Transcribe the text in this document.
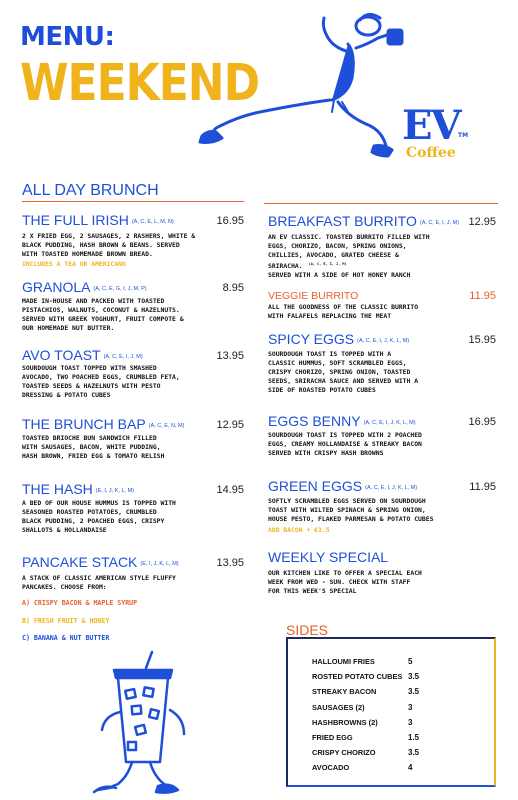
MENU:
WEEKEND
EV
TM
Coffee
ALL DAY BRUNCH
THE FULL IRISH (A, C, E, L, M, N)	16.95
2 X FRIED EGG, 2 SAUSAGES, 2 RASHERS, WHITE &
BLACK PUDDING, HASH BROWN & BEANS. SERVED
WITH TOASTED HOMEMADE BROWN BREAD.
INCLUDES A TEA OR AMERICANO
GRANOLA (A, C, E, G, I, J, M, P)	8.95
MADE IN-HOUSE AND PACKED WITH TOASTED
PISTACHIOS, WALNUTS, COCONUT & HAZELNUTS.
SERVED WITH GREEK YOGHURT, FRUIT COMPOTE &
OUR HOMEMADE NUT BUTTER.
AVO TOAST (A, C, E, I, J, M)	13.95
SOURDOUGH TOAST TOPPED WITH SMASHED
AVOCADO, TWO POACHED EGGS, CRUMBLED FETA,
TOASTED SEEDS & HAZELNUTS WITH PESTO
DRESSING & POTATO CUBES
THE BRUNCH BAP (A, C, E, N, M)	12.95
TOASTED BRIOCHE BUN SANDWICH FILLED
WITH SAUSAGES, BACON, WHITE PUDDING,
HASH BROWN, FRIED EGG & TOMATO RELISH
THE HASH (E, I, J, K, L, M)	14.95
A BED OF OUR HOUSE HUMMUS IS TOPPED WITH
SEASONED ROASTED POTATOES, CRUMBLED
BLACK PUDDING, 2 POACHED EGGS, CRISPY
SHALLOTS & HOLLANDAISE
PANCAKE STACK (E, I, J, K, L, M)	13.95
A STACK OF CLASSIC AMERICAN STYLE FLUFFY
PANCAKES. CHOOSE FROM:
A) CRISPY BACON & MAPLE SYRUP
B) FRESH FRUIT & HONEY
C) BANANA & NUT BUTTER
BREAKFAST BURRITO (A, C, E, I, J, M) 12.95
AN EV CLASSIC. TOASTED BURRITO FILLED WITH
EGGS, CHORIZO, BACON, SPRING ONIONS,
CHILLIES, AVOCADO, GRATED CHEESE &
SRIRACHA. $^{(A, C, E, I, J, M)}$
SERVED WITH A SIDE OF HOT HONEY RANCH
VEGGIE BURRITO	11.95
ALL THE GOODNESS OF THE CLASSIC BURRITO
WITH FALAFELS REPLACING THE MEAT
SPICY EGGS (A, C, E, I, J, K, L, M)	15.95
SOURDOUGH TOAST IS TOPPED WITH A
CLASSIC HUMMUS, SOFT SCRAMBLED EGGS,
CRISPY CHORIZO, SPRING ONION, TOASTED
SEEDS, SRIRACHA SAUCE AND SERVED WITH A
SIDE OF ROASTED POTATO CUBES
EGGS BENNY (A, C, E, I, J, K, L, M)	16.95
SOURDOUGH TOAST IS TOPPED WITH 2 POACHED
EGGS, CREAMY HOLLANDAISE & STREAKY BACON
SERVED WITH CRISPY HASH BROWNS
GREEN EGGS (A, C, E, I, J, K, L, M)	11.95
SOFTLY SCRAMBLED EGGS SERVED ON SOURDOUGH
TOAST WITH WILTED SPINACH & SPRING ONION,
HOUSE PESTO, FLAKED PARMESAN & POTATO CUBES
ADD BACON + €3.5
WEEKLY SPECIAL
OUR KITCHEN LIKE TO OFFER A SPECIAL EACH
WEEK FROM WED - SUN. CHECK WITH STAFF
FOR THIS WEEK'S SPECIAL
SIDES
HALLOUMI FRIES	5
ROSTED POTATO CUBES 3.5
STREAKY BACON	3.5
SAUSAGES (2)	3
HASHBROWNS (2)	3
FRIED EGG	1.5
CRISPY CHORIZO	3.5
AVOCADO	4
